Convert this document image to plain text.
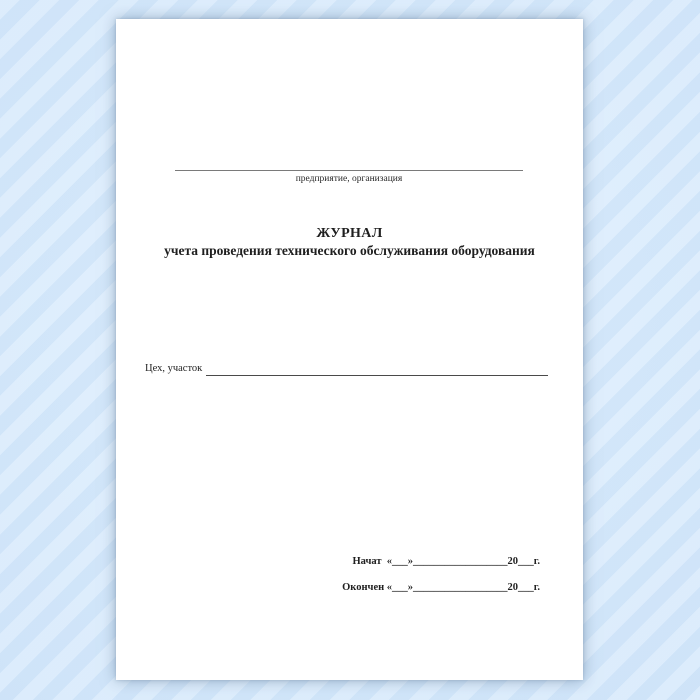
предприятие, организация
ЖУРНАЛ
учета проведения технического обслуживания оборудования
Цех, участок
Начат  «___»__________________20___г.
Окончен «___»__________________20___г.
